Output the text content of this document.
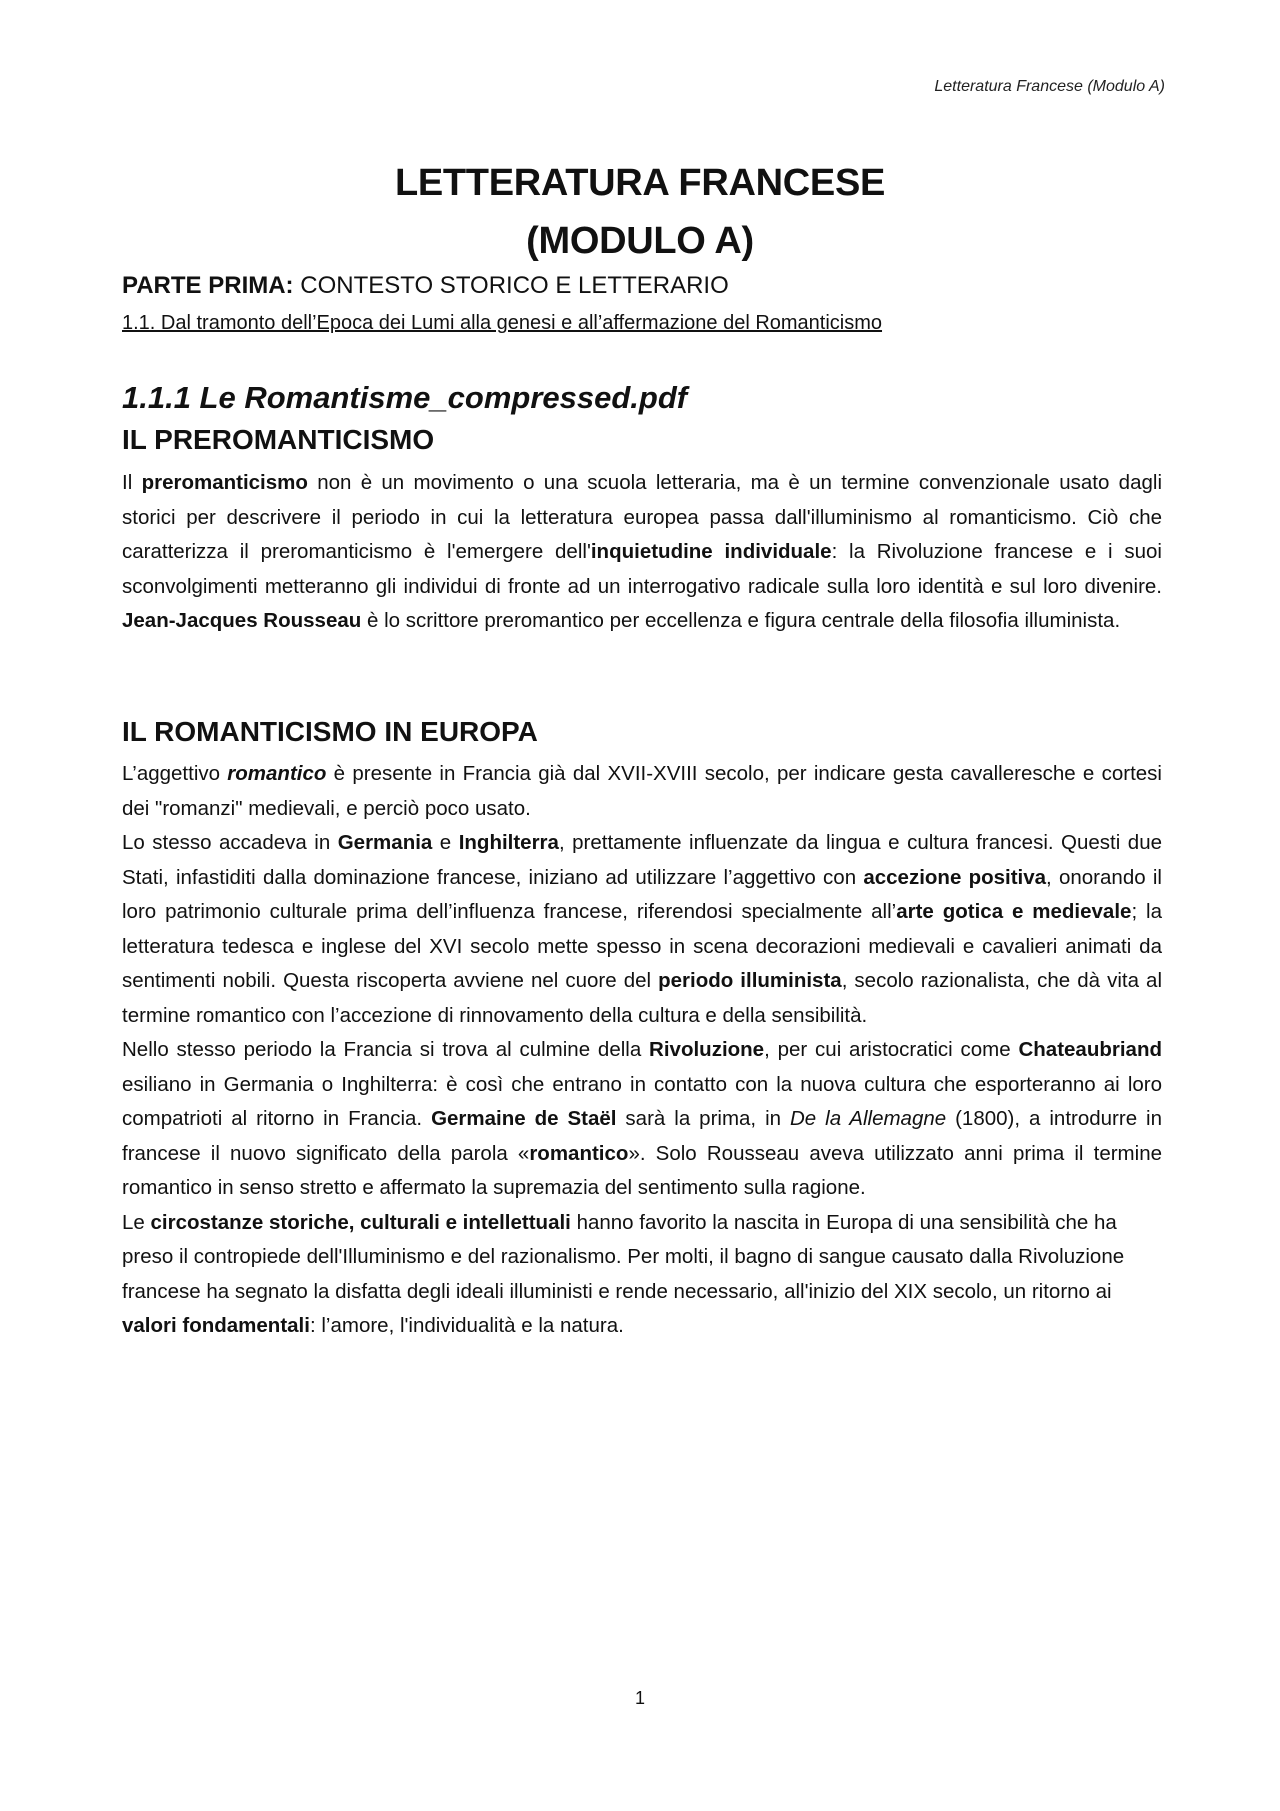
Letteratura Francese (Modulo A)
LETTERATURA FRANCESE
(MODULO A)
PARTE PRIMA: CONTESTO STORICO E LETTERARIO
1.1. Dal tramonto dell’Epoca dei Lumi alla genesi e all’affermazione del Romanticismo
1.1.1 Le Romantisme_compressed.pdf
IL PREROMANTICISMO

Il preromanticismo non è un movimento o una scuola letteraria, ma è un termine convenzionale usato dagli storici per descrivere il periodo in cui la letteratura europea passa dall'illuminismo al romanticismo. Ciò che caratterizza il preromanticismo è l'emergere dell'inquietudine individuale: la Rivoluzione francese e i suoi sconvolgimenti metteranno gli individui di fronte ad un interrogativo radicale sulla loro identità e sul loro divenire. Jean-Jacques Rousseau è lo scrittore preromantico per eccellenza e figura centrale della filosofia illuminista.

IL ROMANTICISMO IN EUROPA

L’aggettivo romantico è presente in Francia già dal XVII-XVIII secolo, per indicare gesta cavalleresche e cortesi dei "romanzi" medievali, e perciò poco usato.

Lo stesso accadeva in Germania e Inghilterra, prettamente influenzate da lingua e cultura francesi. Questi due Stati, infastiditi dalla dominazione francese, iniziano ad utilizzare l’aggettivo con accezione positiva, onorando il loro patrimonio culturale prima dell’influenza francese, riferendosi specialmente all’arte gotica e medievale; la letteratura tedesca e inglese del XVI secolo mette spesso in scena decorazioni medievali e cavalieri animati da sentimenti nobili. Questa riscoperta avviene nel cuore del periodo illuminista, secolo razionalista, che dà vita al termine romantico con l’accezione di rinnovamento della cultura e della sensibilità.

Nello stesso periodo la Francia si trova al culmine della Rivoluzione, per cui aristocratici come Chateaubriand esiliano in Germania o Inghilterra: è così che entrano in contatto con la nuova cultura che esporteranno ai loro compatrioti al ritorno in Francia. Germaine de Staël sarà la prima, in De la Allemagne (1800), a introdurre in francese il nuovo significato della parola «romantico». Solo Rousseau aveva utilizzato anni prima il termine romantico in senso stretto e affermato la supremazia del sentimento sulla ragione.

Le circostanze storiche, culturali e intellettuali hanno favorito la nascita in Europa di una sensibilità che ha preso il contropiede dell'Illuminismo e del razionalismo. Per molti, il bagno di sangue causato dalla Rivoluzione francese ha segnato la disfatta degli ideali illuministi e rende necessario, all'inizio del XIX secolo, un ritorno ai valori fondamentali: l’amore, l'individualità e la natura.

1
